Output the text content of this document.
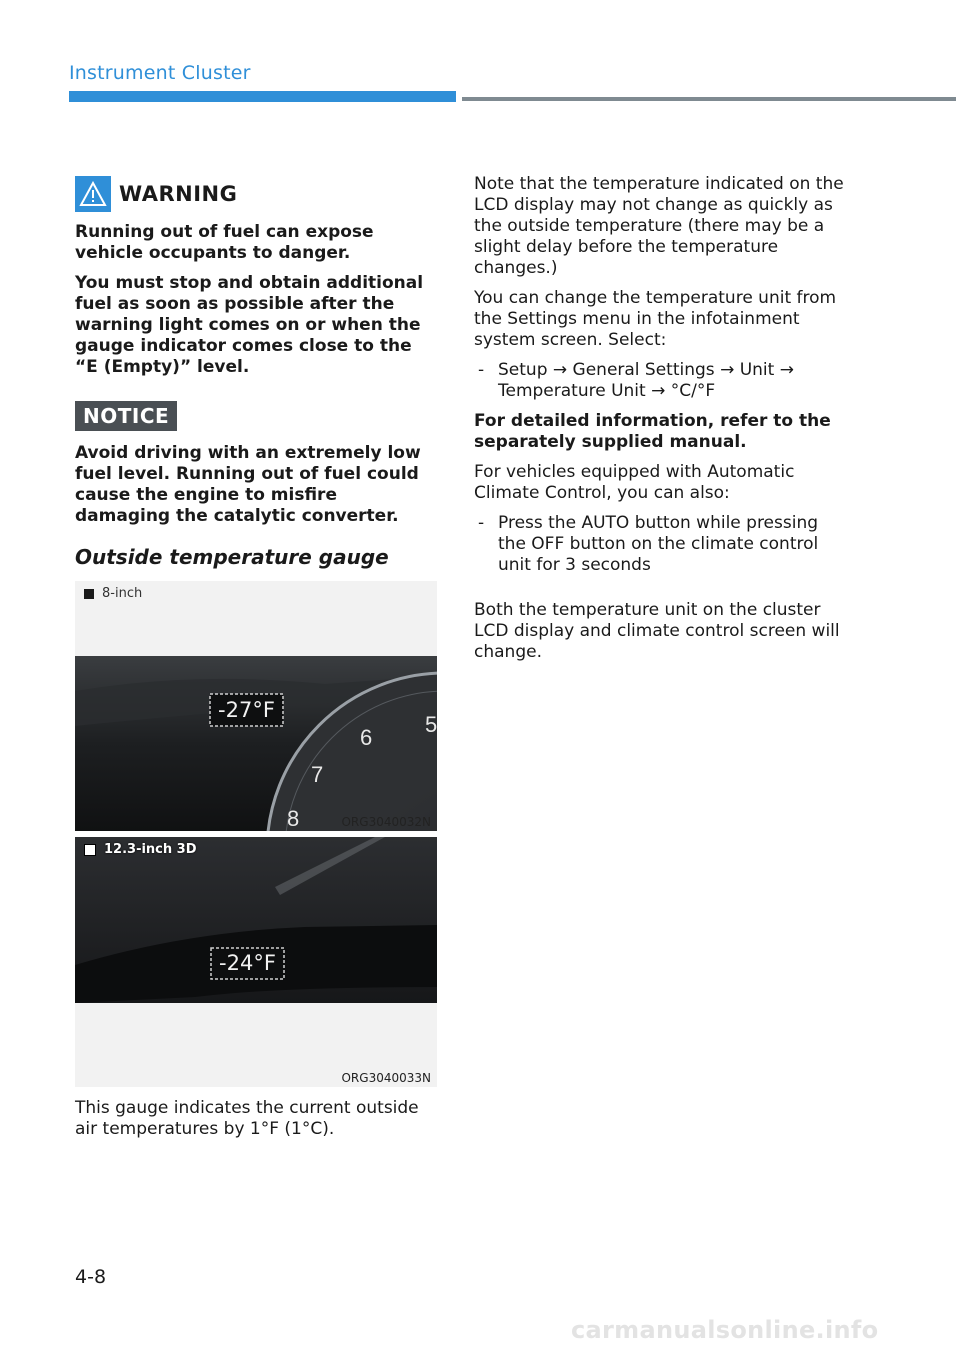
Instrument Cluster
WARNING

Running out of fuel can expose vehicle occupants to danger.

You must stop and obtain additional fuel as soon as possible after the warning light comes on or when the gauge indicator comes close to the “E (Empty)” level.

NOTICE

Avoid driving with an extremely low fuel level. Running out of fuel could cause the engine to misfire damaging the catalytic converter.

Outside temperature gauge
8-inch
5
6
7
8
-27°F
ORG3040032N
12.3-inch 3D
-24°F
ORG3040033N

This gauge indicates the current outside air temperatures by 1°F (1°C).

Note that the temperature indicated on the LCD display may not change as quickly as the outside temperature (there may be a slight delay before the temperature changes.)

You can change the temperature unit from the Settings menu in the infotainment system screen. Select:

- Setup → General Settings → Unit → Temperature Unit → °C/°F

For detailed information, refer to the separately supplied manual.

For vehicles equipped with Automatic Climate Control, you can also:

- Press the AUTO button while pressing the OFF button on the climate control unit for 3 seconds

Both the temperature unit on the cluster LCD display and climate control screen will change.

4-8
carmanualsonline.info
